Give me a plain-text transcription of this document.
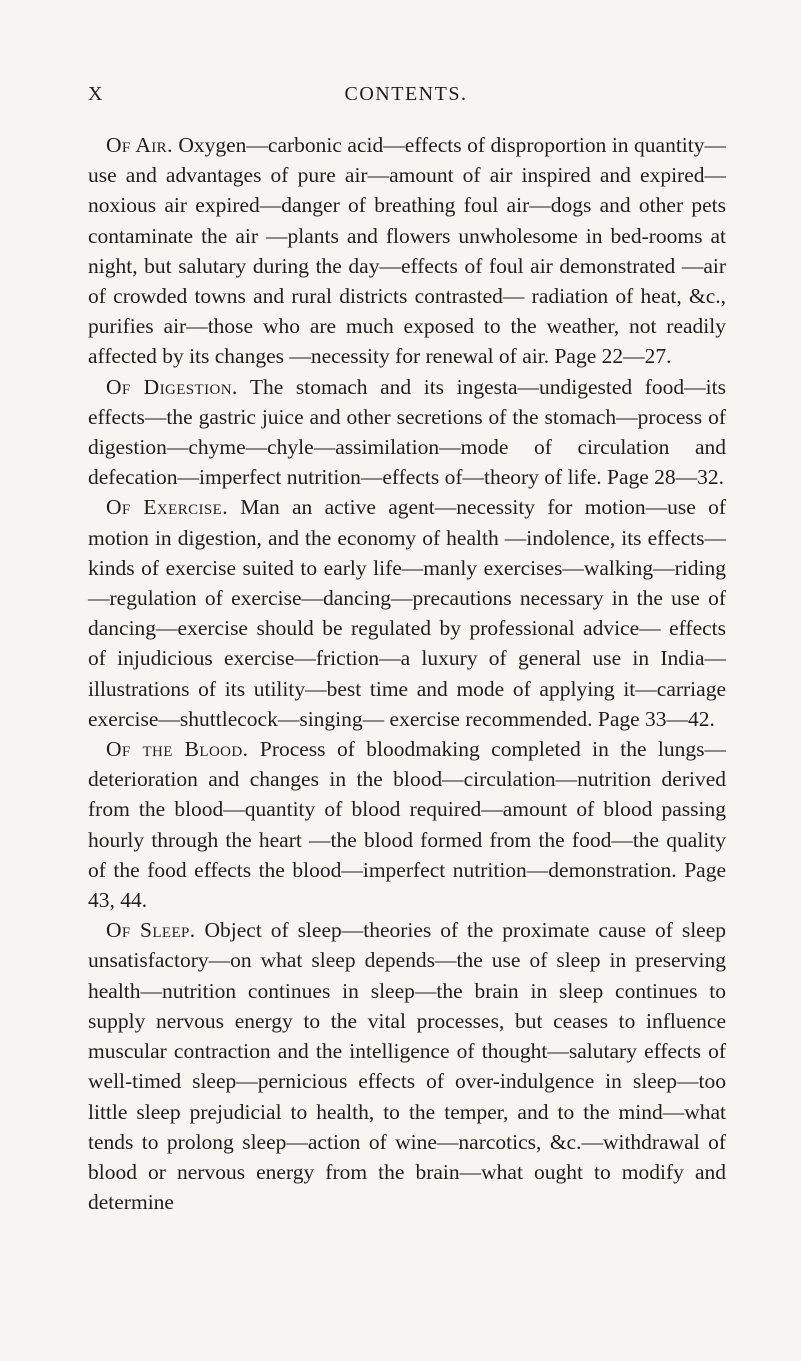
X	CONTENTS.

Of Air. Oxygen—carbonic acid—effects of disproportion in quantity—use and advantages of pure air—amount of air inspired and expired—noxious air expired—danger of breathing foul air—dogs and other pets contaminate the air —plants and flowers unwholesome in bed-rooms at night, but salutary during the day—effects of foul air demonstrated —air of crowded towns and rural districts contrasted— radiation of heat, &c., purifies air—those who are much exposed to the weather, not readily affected by its changes —necessity for renewal of air. Page 22—27.

Of Digestion. The stomach and its ingesta—undigested food—its effects—the gastric juice and other secretions of the stomach—process of digestion—chyme—chyle—assimilation—mode of circulation and defecation—imperfect nutrition—effects of—theory of life. Page 28—32.

Of Exercise. Man an active agent—necessity for motion—use of motion in digestion, and the economy of health —indolence, its effects—kinds of exercise suited to early life—manly exercises—walking—riding—regulation of exercise—dancing—precautions necessary in the use of dancing—exercise should be regulated by professional advice— effects of injudicious exercise—friction—a luxury of general use in India—illustrations of its utility—best time and mode of applying it—carriage exercise—shuttlecock—singing— exercise recommended. Page 33—42.

Of the Blood. Process of bloodmaking completed in the lungs—deterioration and changes in the blood—circulation—nutrition derived from the blood—quantity of blood required—amount of blood passing hourly through the heart —the blood formed from the food—the quality of the food effects the blood—imperfect nutrition—demonstration. Page 43, 44.

Of Sleep. Object of sleep—theories of the proximate cause of sleep unsatisfactory—on what sleep depends—the use of sleep in preserving health—nutrition continues in sleep—the brain in sleep continues to supply nervous energy to the vital processes, but ceases to influence muscular contraction and the intelligence of thought—salutary effects of well-timed sleep—pernicious effects of over-indulgence in sleep—too little sleep prejudicial to health, to the temper, and to the mind—what tends to prolong sleep—action of wine—narcotics, &c.—withdrawal of blood or nervous energy from the brain—what ought to modify and determine
